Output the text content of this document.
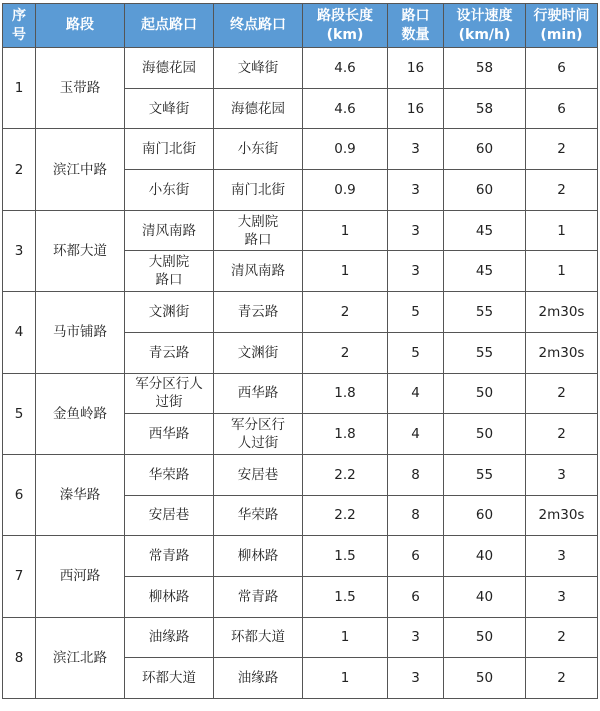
序
号	路段	起点路口	终点路口	路段长度
(km)	路口
数量	设计速度
(km/h)	行驶时间
(min)

1	玉带路	海德花园	文峰街	4.6	16	58	6

		文峰街	海德花园	4.6	16	58	6
2	滨江中路	南门北街	小东街	0.9	3	60	2

		小东街	南门北街	0.9	3	60	2
3	环都大道	清风南路	大剧院
路口	1	3	45	1

		大剧院
路口	清风南路	1	3	45	1
4	马市铺路	文渊街	青云路	2	5	55	2m30s

		青云路	文渊街	2	5	55	2m30s
5	金鱼岭路	军分区行人
过街	西华路	1.8	4	50	2

		西华路	军分区行
人过街	1.8	4	50	2
6	溱华路	华荣路	安居巷	2.2	8	55	3

		安居巷	华荣路	2.2	8	60	2m30s
7	西河路	常青路	柳林路	1.5	6	40	3

		柳林路	常青路	1.5	6	40	3
8	滨江北路	油缘路	环都大道	1	3	50	2

		环都大道	油缘路	1	3	50	2
